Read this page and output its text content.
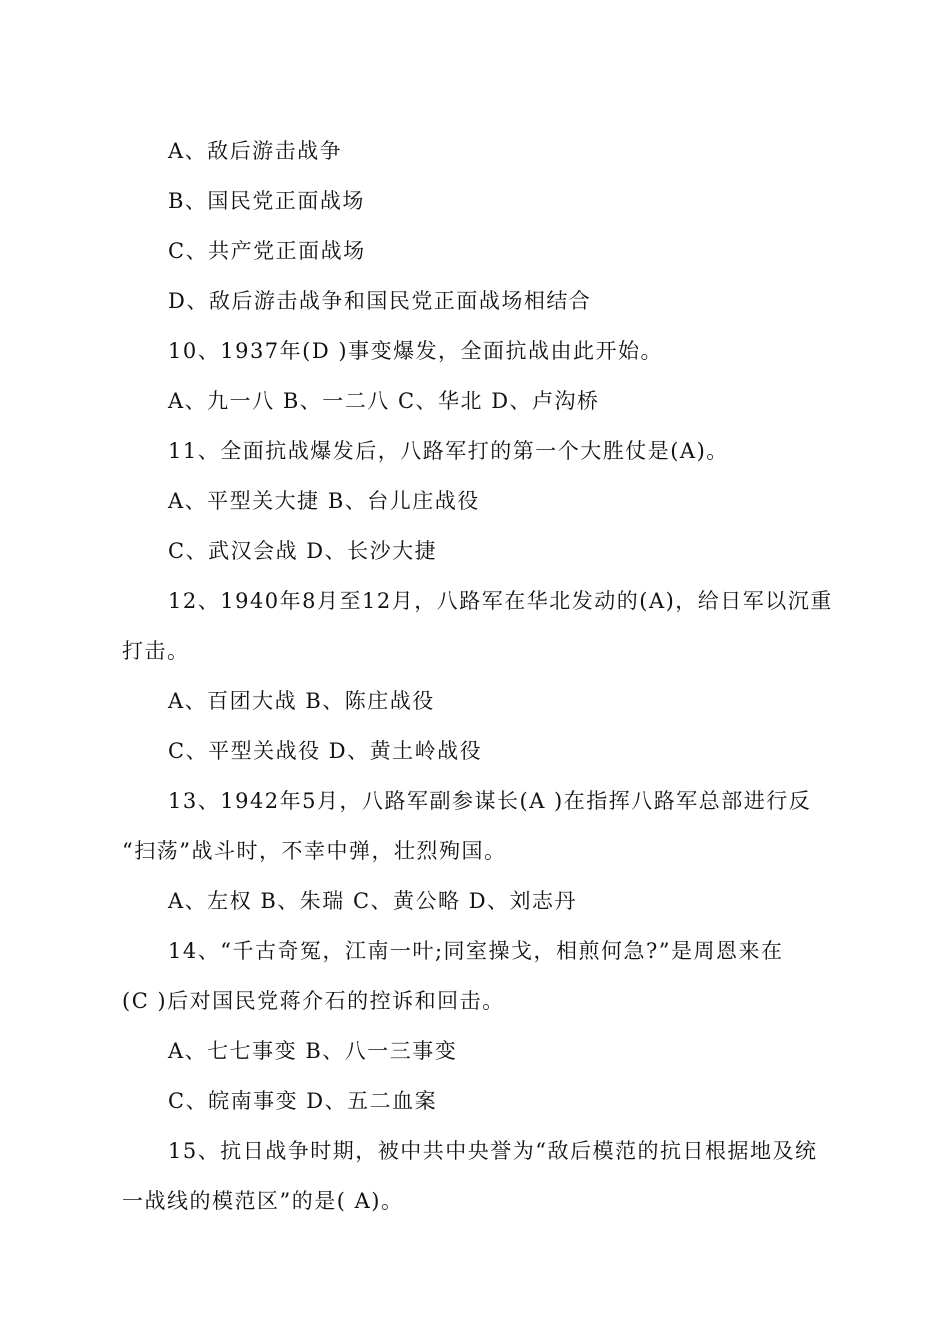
A、敌后游击战争
B、国民党正面战场
C、共产党正面战场
D、敌后游击战争和国民党正面战场相结合
10、1937年(D )事变爆发，全面抗战由此开始。
A、九一八 B、一二八 C、华北 D、卢沟桥
11、全面抗战爆发后，八路军打的第一个大胜仗是(A)。
A、平型关大捷 B、台儿庄战役
C、武汉会战 D、长沙大捷
12、1940年8月至12月，八路军在华北发动的(A)，给日军以沉重
打击。
A、百团大战 B、陈庄战役
C、平型关战役 D、黄土岭战役
13、1942年5月，八路军副参谋长(A )在指挥八路军总部进行反
“扫荡”战斗时，不幸中弹，壮烈殉国。
A、左权 B、朱瑞 C、黄公略 D、刘志丹
14、“千古奇冤，江南一叶;同室操戈，相煎何急?”是周恩来在
(C )后对国民党蒋介石的控诉和回击。
A、七七事变 B、八一三事变
C、皖南事变 D、五二血案
15、抗日战争时期，被中共中央誉为“敌后模范的抗日根据地及统
一战线的模范区”的是( A)。
